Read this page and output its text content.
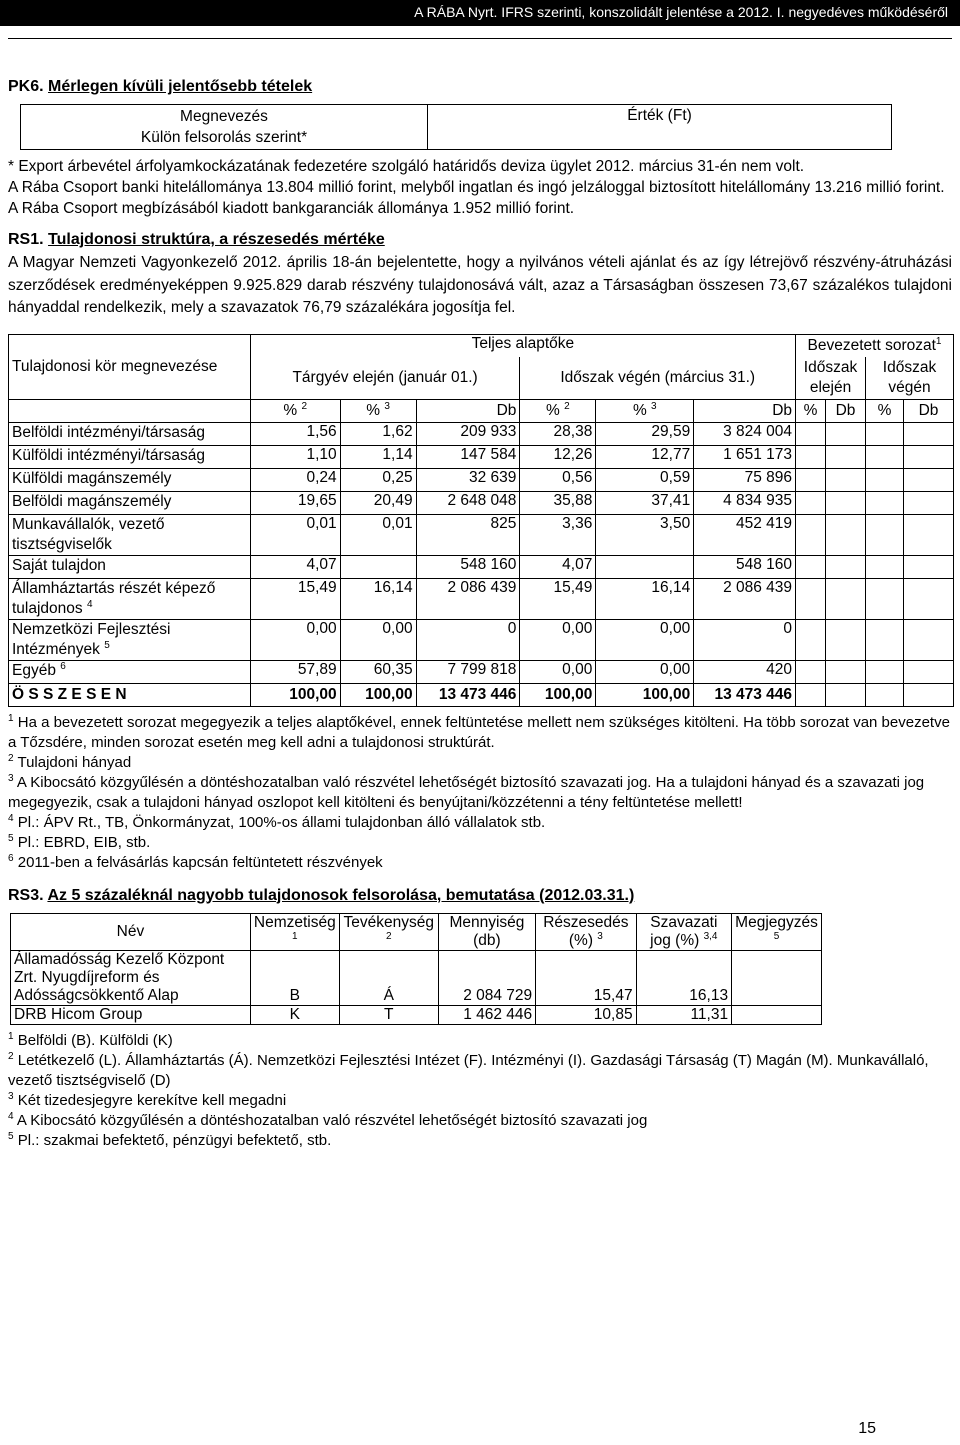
A RÁBA Nyrt. IFRS szerinti, konszolidált jelentése a 2012. I. negyedéves működéséről
PK6. Mérlegen kívüli jelentősebb tételek
Megnevezés
Külön felsorolás szerint*
	Érték (Ft)

* Export árbevétel árfolyamkockázatának fedezetére szolgáló határidős deviza ügylet 2012. március 31-én nem volt.

A Rába Csoport banki hitelállománya 13.804 millió forint, melyből ingatlan és ingó jelzáloggal biztosított hitelállomány 13.216 millió forint.

A Rába Csoport megbízásából kiadott bankgaranciák állománya 1.952 millió forint.

RS1. Tulajdonosi struktúra, a részesedés mértéke

A Magyar Nemzeti Vagyonkezelő 2012. április 18-án bejelentette, hogy a nyilvános vételi ajánlat és az így létrejövő részvény-átruházási szerződések eredményeképpen 9.925.829 darab részvény tulajdonosává vált, azaz a Társaságban összesen 73,67 százalékos tulajdoni hányaddal rendelkezik, mely a szavazatok 76,79 százalékára jogosítja fel.

Tulajdonosi kör megnevezése	Teljes alaptőke						Bevezetett sorozat$^1$
	Tárgyév elején (január 01.)			Időszak végén (március 31.)			Időszak elején		Időszak végén	
	% $^2$	% $^3$	Db	% $^2$	% $^3$	Db	%	Db	%	Db
Belföldi intézményi/társaság	1,56	1,62	209 933	28,38	29,59	3 824 004				
Külföldi intézményi/társaság	1,10	1,14	147 584	12,26	12,77	1 651 173				
Külföldi magánszemély	0,24	0,25	32 639	0,56	0,59	75 896				
Belföldi magánszemély	19,65	20,49	2 648 048	35,88	37,41	4 834 935				
Munkavállalók, vezető tisztségviselők	0,01	0,01	825	3,36	3,50	452 419				
Saját tulajdon	4,07		548 160	4,07		548 160				
Államháztartás részét képező tulajdonos $^4$	15,49	16,14	2 086 439	15,49	16,14	2 086 439				
Nemzetközi Fejlesztési Intézmények $^5$	0,00	0,00	0	0,00	0,00	0				
Egyéb $^6$	57,89	60,35	7 799 818	0,00	0,00	420				
Ö S S Z E S E N	100,00	100,00	13 473 446	100,00	100,00	13 473 446				

$^1$ Ha a bevezetett sorozat megegyezik a teljes alaptőkével, ennek feltüntetése mellett nem szükséges kitölteni. Ha több sorozat van bevezetve a Tőzsdére, minden sorozat esetén meg kell adni a tulajdonosi struktúrát.

$^2$ Tulajdoni hányad

$^3$ A Kibocsátó közgyűlésén a döntéshozatalban való részvétel lehetőségét biztosító szavazati jog. Ha a tulajdoni hányad és a szavazati jog megegyezik, csak a tulajdoni hányad oszlopot kell kitölteni és benyújtani/közzétenni a tény feltüntetése mellett!

$^4$ Pl.: ÁPV Rt., TB, Önkormányzat, 100%-os állami tulajdonban álló vállalatok stb.

$^5$ Pl.: EBRD, EIB, stb.

$^6$ 2011-ben a felvásárlás kapcsán feltüntetett részvények

RS3. Az 5 százaléknál nagyobb tulajdonosok felsorolása, bemutatása (2012.03.31.)
Név	Nemzetiség $^1$	Tevékenység $^2$	Mennyiség (db)	Részesedés (%) $^3$	Szavazati jog (%) $^{3,4}$	Megjegyzés $^5$
Államadósság Kezelő Központ Zrt. Nyugdíjreform és Adósságcsökkentő Alap	B	Á	2 084 729	15,47	16,13	
DRB Hicom Group	K	T	1 462 446	10,85	11,31	

$^1$ Belföldi (B). Külföldi (K)

$^2$ Letétkezelő (L). Államháztartás (Á). Nemzetközi Fejlesztési Intézet (F). Intézményi (I). Gazdasági Társaság (T) Magán (M). Munkavállaló, vezető tisztségviselő (D)

$^3$ Két tizedesjegyre kerekítve kell megadni

$^4$ A Kibocsátó közgyűlésén a döntéshozatalban való részvétel lehetőségét biztosító szavazati jog

$^5$ Pl.: szakmai befektető, pénzügyi befektető, stb.

15
